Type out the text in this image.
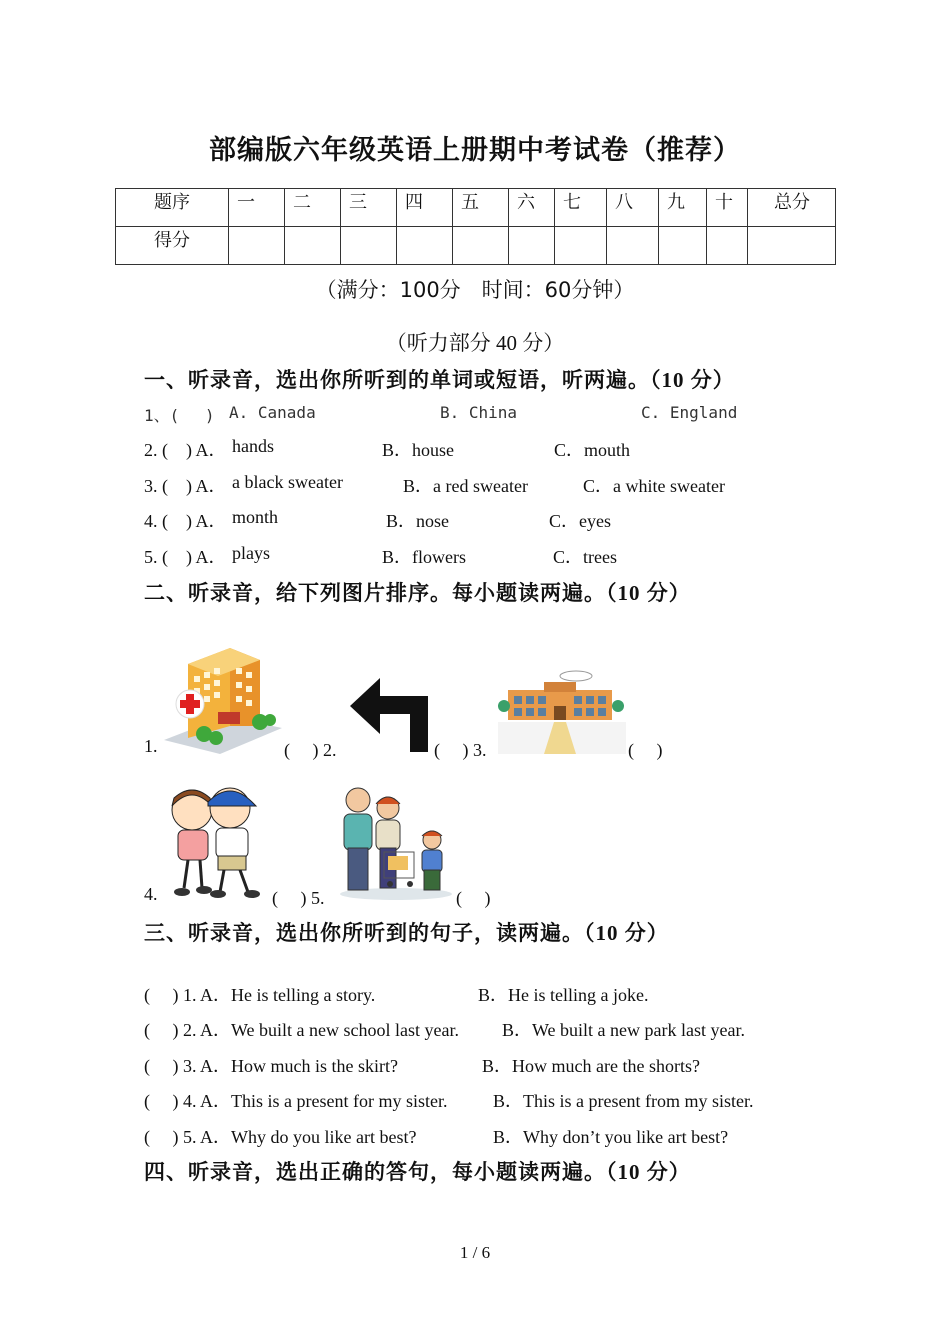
部编版六年级英语上册期中考试卷（推荐）
题序	一	二	三	四	五	六	七	八	九	十	总分
得分											
（满分：100分　时间：60分钟）
（听力部分 40 分）
一、听录音，选出你所听到的单词或短语，听两遍。（10 分）
1、(　 ) A. Canada	B. China	C. England
2. (　) A． hands	B．house	C．mouth
3. (　) A． a black sweater	B．a red sweater	C．a white sweater
4. (　) A． month	B．nose	C．eyes
5. (　) A． plays	B．flowers	C．trees
二、听录音，给下列图片排序。每小题读两遍。（10 分）
1.	(　 ) 2.	(　 ) 3.	(　 )
4.	(　 ) 5.	(　 )
三、听录音，选出你所听到的句子，读两遍。（10 分）
(　 ) 1. A．He is telling a story.	B．He is telling a joke.
(　 ) 2. A．We built a new school last year. B．We built a new park last year.
(　 ) 3. A．How much is the skirt?	B．How much are the shorts?
(　 ) 4. A．This is a present for my sister.	B．This is a present from my sister.
(　 ) 5. A．Why do you like art best?	B．Why don’t you like art best?
四、听录音，选出正确的答句，每小题读两遍。（10 分）
1 / 6
